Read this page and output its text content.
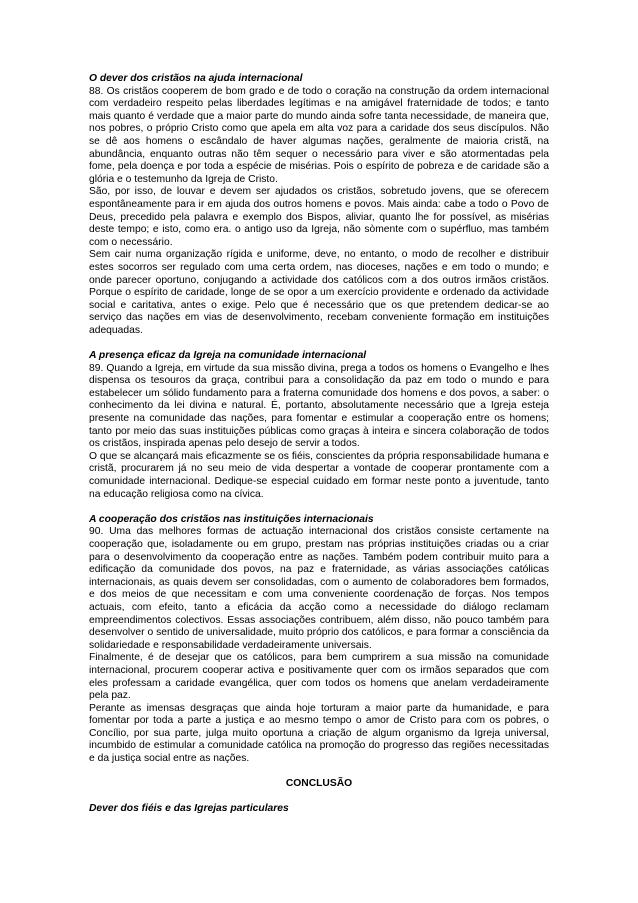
O dever dos cristãos na ajuda internacional

88. Os cristãos cooperem de bom grado e de todo o coração na construção da ordem internacional com verdadeiro respeito pelas liberdades legítimas e na amigável fraternidade de todos; e tanto mais quanto é verdade que a maior parte do mundo ainda sofre tanta necessidade, de maneira que, nos pobres, o próprio Cristo como que apela em alta voz para a caridade dos seus discípulos. Não se dê aos homens o escândalo de haver algumas nações, geralmente de maioria cristã, na abundância, enquanto outras não têm sequer o necessário para viver e são atormentadas pela fome, pela doença e por toda a espécie de misérias. Pois o espírito de pobreza e de caridade são a glória e o testemunho da Igreja de Cristo.

São, por isso, de louvar e devem ser ajudados os cristãos, sobretudo jovens, que se oferecem espontâneamente para ir em ajuda dos outros homens e povos. Mais ainda: cabe a todo o Povo de Deus, precedido pela palavra e exemplo dos Bispos, aliviar, quanto lhe for possível, as misérias deste tempo; e isto, como era. o antigo uso da Igreja, não sòmente com o supérfluo, mas também com o necessário.

Sem cair numa organização rígida e uniforme, deve, no entanto, o modo de recolher e distribuir estes socorros ser regulado com uma certa ordem, nas dioceses, nações e em todo o mundo; e onde parecer oportuno, conjugando a actividade dos católicos com a dos outros irmãos cristãos. Porque o espírito de caridade, longe de se opor a um exercício providente e ordenado da actividade social e caritativa, antes o exige. Pelo que é necessário que os que pretendem dedicar-se ao serviço das nações em vias de desenvolvimento, recebam conveniente formação em instituições adequadas.

A presença eficaz da Igreja na comunidade internacional

89. Quando a Igreja, em virtude da sua missão divina, prega a todos os homens o Evangelho e lhes dispensa os tesouros da graça, contribui para a consolidação da paz em todo o mundo e para estabelecer um sólido fundamento para a fraterna comunidade dos homens e dos povos, a saber: o conhecimento da lei divina e natural. É, portanto, absolutamente necessário que a Igreja esteja presente na comunidade das nações, para fomentar e estimular a cooperação entre os homens; tanto por meio das suas instituições públicas como graças à inteira e sincera colaboração de todos os cristãos, inspirada apenas pelo desejo de servir a todos.

O que se alcançará mais eficazmente se os fiéis, conscientes da própria responsabilidade humana e cristã, procurarem já no seu meio de vida despertar a vontade de cooperar prontamente com a comunidade internacional. Dedique-se especial cuidado em formar neste ponto a juventude, tanto na educação religiosa como na cívica.

A cooperação dos cristãos nas instituições internacionais

90. Uma das melhores formas de actuação internacional dos cristãos consiste certamente na cooperação que, isoladamente ou em grupo, prestam nas próprias instituições criadas ou a criar para o desenvolvimento da cooperação entre as nações. Também podem contribuir muito para a edificação da comunidade dos povos, na paz e fraternidade, as várias associações católicas internacionais, as quais devem ser consolidadas, com o aumento de colaboradores bem formados, e dos meios de que necessitam e com uma conveniente coordenação de forças. Nos tempos actuais, com efeito, tanto a eficácia da acção como a necessidade do diálogo reclamam empreendimentos colectivos. Essas associações contribuem, além disso, não pouco também para desenvolver o sentido de universalidade, muito próprio dos católicos, e para formar a consciência da solidariedade e responsabilidade verdadeiramente universais.

Finalmente, é de desejar que os católicos, para bem cumprirem a sua missão na comunidade internacional, procurem cooperar activa e positivamente quer com os irmãos separados que com eles professam a caridade evangélica, quer com todos os homens que anelam verdadeiramente pela paz.

Perante as imensas desgraças que ainda hoje torturam a maior parte da humanidade, e para fomentar por toda a parte a justiça e ao mesmo tempo o amor de Cristo para com os pobres, o Concílio, por sua parte, julga muito oportuna a criação de algum organismo da Igreja universal, incumbido de estimular a comunidade católica na promoção do progresso das regiões necessitadas e da justiça social entre as nações.

CONCLUSÃO

Dever dos fiéis e das Igrejas particulares
